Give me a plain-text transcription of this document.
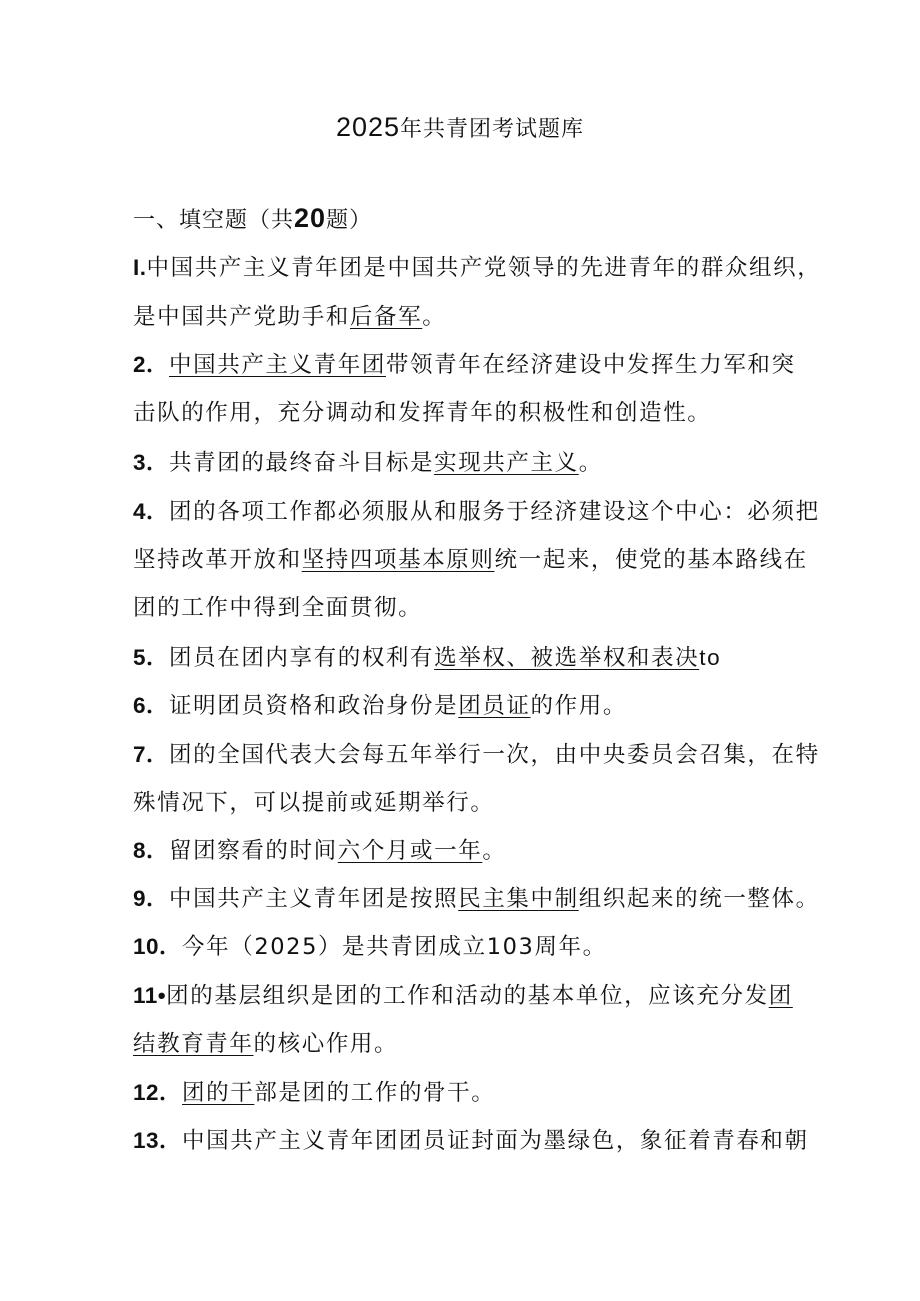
2025年共青团考试题库
一、填空题（共20题）
I.中国共产主义青年团是中国共产党领导的先进青年的群众组织，
是中国共产党助手和后备军。
2．中国共产主义青年团带领青年在经济建设中发挥生力军和突
击队的作用，充分调动和发挥青年的积极性和创造性。
3．共青团的最终奋斗目标是实现共产主义。
4．团的各项工作都必须服从和服务于经济建设这个中心：必须把
坚持改革开放和坚持四项基本原则统一起来，使党的基本路线在
团的工作中得到全面贯彻。
5．团员在团内享有的权利有选举权、被选举权和表决to
6．证明团员资格和政治身份是团员证的作用。
7．团的全国代表大会每五年举行一次，由中央委员会召集，在特
殊情况下，可以提前或延期举行。
8．留团察看的时间六个月或一年。
9．中国共产主义青年团是按照民主集中制组织起来的统一整体。
10．今年（2025）是共青团成立103周年。
11•团的基层组织是团的工作和活动的基本单位，应该充分发团
结教育青年的核心作用。
12．团的干部是团的工作的骨干。
13．中国共产主义青年团团员证封面为墨绿色，象征着青春和朝
